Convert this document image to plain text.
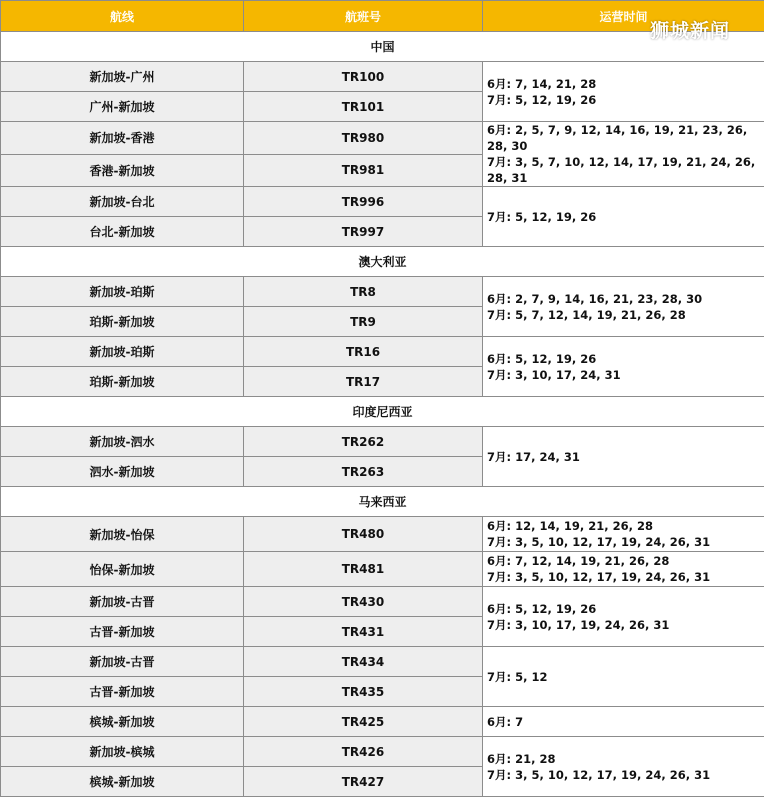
航线	航班号	运营时间
中国		
新加坡-广州	TR100	6月: 7, 14, 21, 28
7月: 5, 12, 19, 26

广州-新加坡	TR101	
新加坡-香港	TR980	6月: 2, 5, 7, 9, 12, 14, 16, 19, 21, 23, 26, 28, 30
7月: 3, 5, 7, 10, 12, 14, 17, 19, 21, 24, 26, 28, 31

香港-新加坡	TR981	
新加坡-台北	TR996	7月: 5, 12, 19, 26

台北-新加坡	TR997	
澳大利亚		
新加坡-珀斯	TR8	6月: 2, 7, 9, 14, 16, 21, 23, 28, 30
7月: 5, 7, 12, 14, 19, 21, 26, 28

珀斯-新加坡	TR9	
新加坡-珀斯	TR16	6月: 5, 12, 19, 26
7月: 3, 10, 17, 24, 31

珀斯-新加坡	TR17	
印度尼西亚		
新加坡-泗水	TR262	7月: 17, 24, 31

泗水-新加坡	TR263	
马来西亚		
新加坡-怡保	TR480	6月: 12, 14, 19, 21, 26, 28
7月: 3, 5, 10, 12, 17, 19, 24, 26, 31

怡保-新加坡	TR481	6月: 7, 12, 14, 19, 21, 26, 28
7月: 3, 5, 10, 12, 17, 19, 24, 26, 31

新加坡-古晋	TR430	6月: 5, 12, 19, 26
7月: 3, 10, 17, 19, 24, 26, 31

古晋-新加坡	TR431	
新加坡-古晋	TR434	7月: 5, 12

古晋-新加坡	TR435	
槟城-新加坡	TR425	6月: 7

新加坡-槟城	TR426	6月: 21, 28
7月: 3, 5, 10, 12, 17, 19, 24, 26, 31

槟城-新加坡	TR427	
狮城新闻
